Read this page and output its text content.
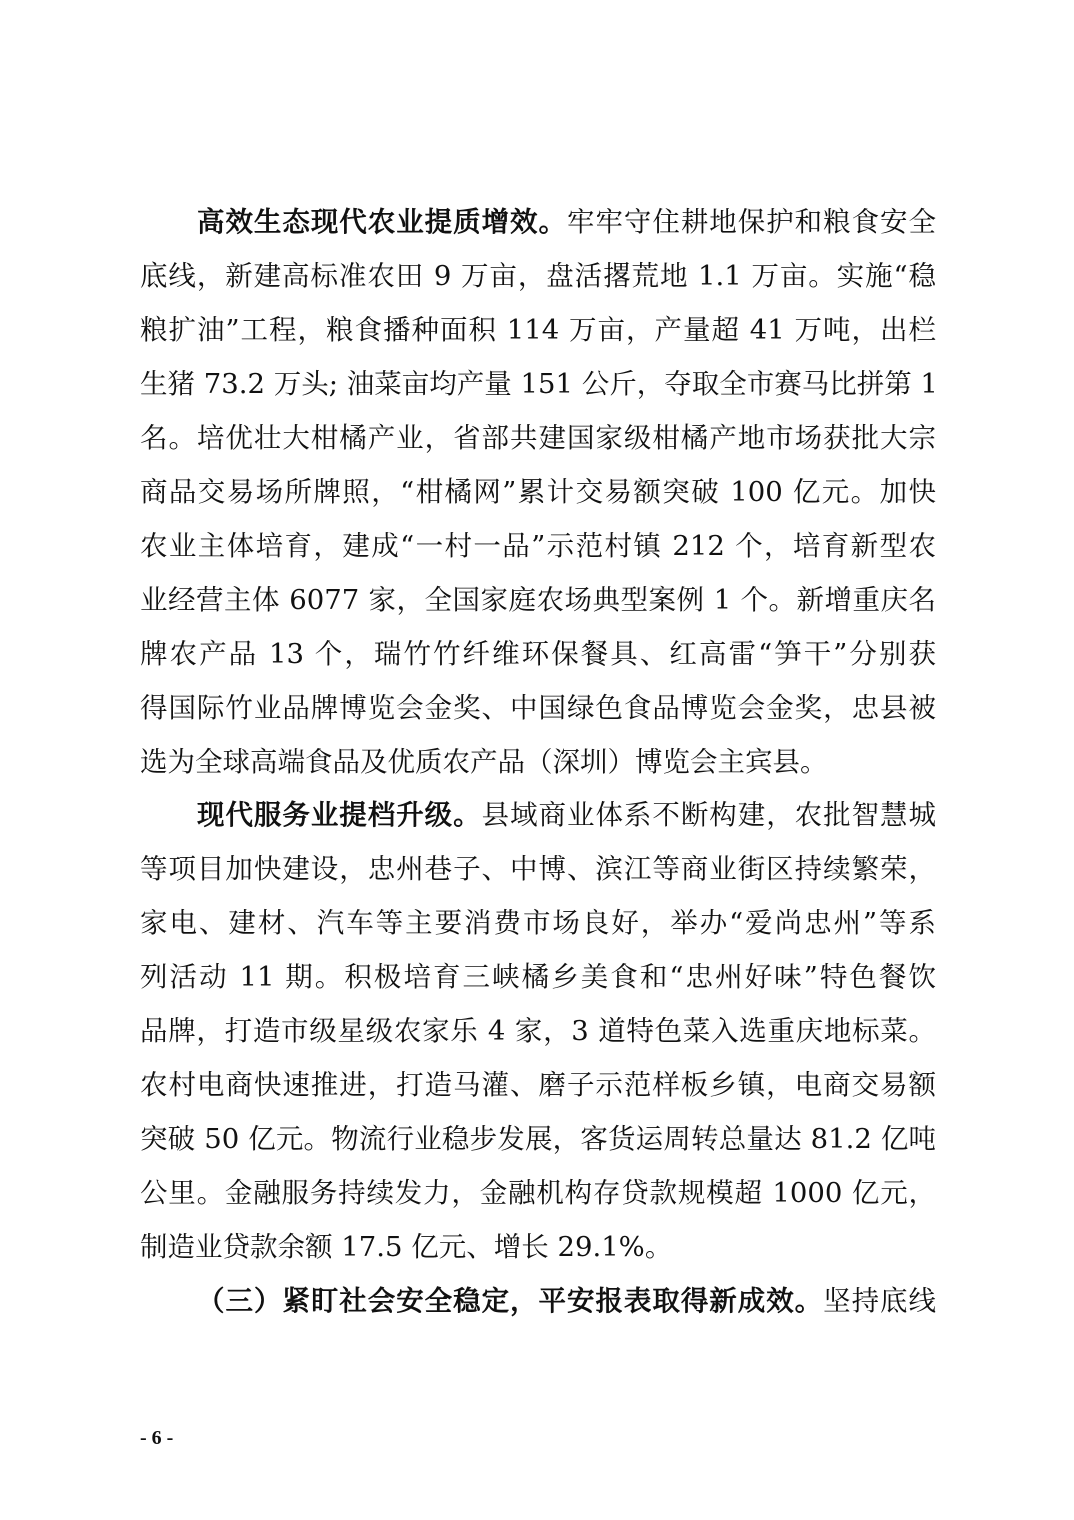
高效生态现代农业提质增效。牢牢守住耕地保护和粮食安全
底线，新建高标准农田 9 万亩，盘活撂荒地 1.1 万亩。实施“稳
粮扩油”工程，粮食播种面积 114 万亩，产量超 41 万吨，出栏
生猪 73.2 万头; 油菜亩均产量 151 公斤，夺取全市赛马比拼第 1
名。培优壮大柑橘产业，省部共建国家级柑橘产地市场获批大宗
商品交易场所牌照，“柑橘网”累计交易额突破 100 亿元。加快
农业主体培育，建成“一村一品”示范村镇 212 个，培育新型农
业经营主体 6077 家，全国家庭农场典型案例 1 个。新增重庆名
牌农产品 13 个，瑞竹竹纤维环保餐具、红高雷“笋干”分别获
得国际竹业品牌博览会金奖、中国绿色食品博览会金奖，忠县被
选为全球高端食品及优质农产品（深圳）博览会主宾县。
现代服务业提档升级。县域商业体系不断构建，农批智慧城
等项目加快建设，忠州巷子、中博、滨江等商业街区持续繁荣，
家电、建材、汽车等主要消费市场良好，举办“爱尚忠州”等系
列活动 11 期。积极培育三峡橘乡美食和“忠州好味”特色餐饮
品牌，打造市级星级农家乐 4 家，3 道特色菜入选重庆地标菜。
农村电商快速推进，打造马灌、磨子示范样板乡镇，电商交易额
突破 50 亿元。物流行业稳步发展，客货运周转总量达 81.2 亿吨
公里。金融服务持续发力，金融机构存贷款规模超 1000 亿元，
制造业贷款余额 17.5 亿元、增长 29.1%。
（三）紧盯社会安全稳定，平安报表取得新成效。坚持底线
- 6 -
